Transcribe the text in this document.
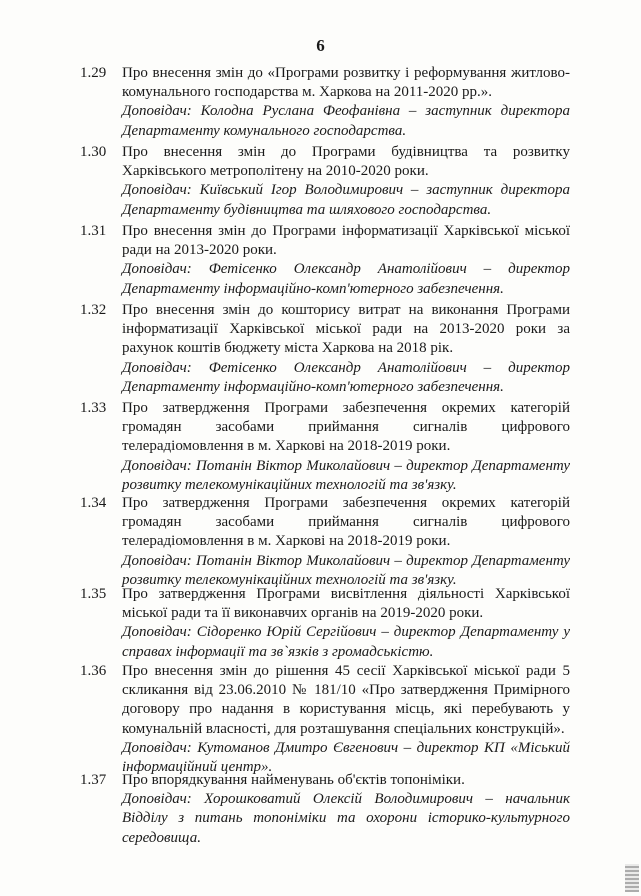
6
1.29 Про внесення змін до «Програми розвитку і реформування житлово-комунального господарства м. Харкова на 2011-2020 рр.».

Доповідач: Колодна Руслана Феофанівна – заступник директора Департаменту комунального господарства.

1.30 Про внесення змін до Програми будівництва та розвитку Харківського метрополітену на 2010-2020 роки.

Доповідач: Київський Ігор Володимирович – заступник директора Департаменту будівництва та шляхового господарства.

1.31 Про внесення змін до Програми інформатизації Харківської міської ради на 2013-2020 роки.

Доповідач: Фетісенко Олександр Анатолійович – директор Департаменту інформаційно-комп'ютерного забезпечення.

1.32 Про внесення змін до кошторису витрат на виконання Програми інформатизації Харківської міської ради на 2013-2020 роки за рахунок коштів бюджету міста Харкова на 2018 рік.

Доповідач: Фетісенко Олександр Анатолійович – директор Департаменту інформаційно-комп'ютерного забезпечення.

1.33 Про затвердження Програми забезпечення окремих категорій громадян засобами приймання сигналів цифрового телерадіомовлення в м. Харкові на 2018-2019 роки.

Доповідач: Потанін Віктор Миколайович – директор Департаменту розвитку телекомунікаційних технологій та зв'язку.

1.34 Про затвердження Програми забезпечення окремих категорій громадян засобами приймання сигналів цифрового телерадіомовлення в м. Харкові на 2018-2019 роки.

Доповідач: Потанін Віктор Миколайович – директор Департаменту розвитку телекомунікаційних технологій та зв'язку.

1.35 Про затвердження Програми висвітлення діяльності Харківської міської ради та її виконавчих органів на 2019-2020 роки.

Доповідач: Сідоренко Юрій Сергійович – директор Департаменту у справах інформації та зв`язків з громадськістю.

1.36 Про внесення змін до рішення 45 сесії Харківської міської ради 5 скликання від 23.06.2010 № 181/10 «Про затвердження Примірного договору про надання в користування місць, які перебувають у комунальній власності, для розташування спеціальних конструкцій».

Доповідач: Кутоманов Дмитро Євгенович – директор КП «Міський інформаційний центр».

1.37 Про впорядкування найменувань об'єктів топоніміки.

Доповідач: Хорошковатий Олексій Володимирович – начальник Відділу з питань топоніміки та охорони історико-культурного середовища.
